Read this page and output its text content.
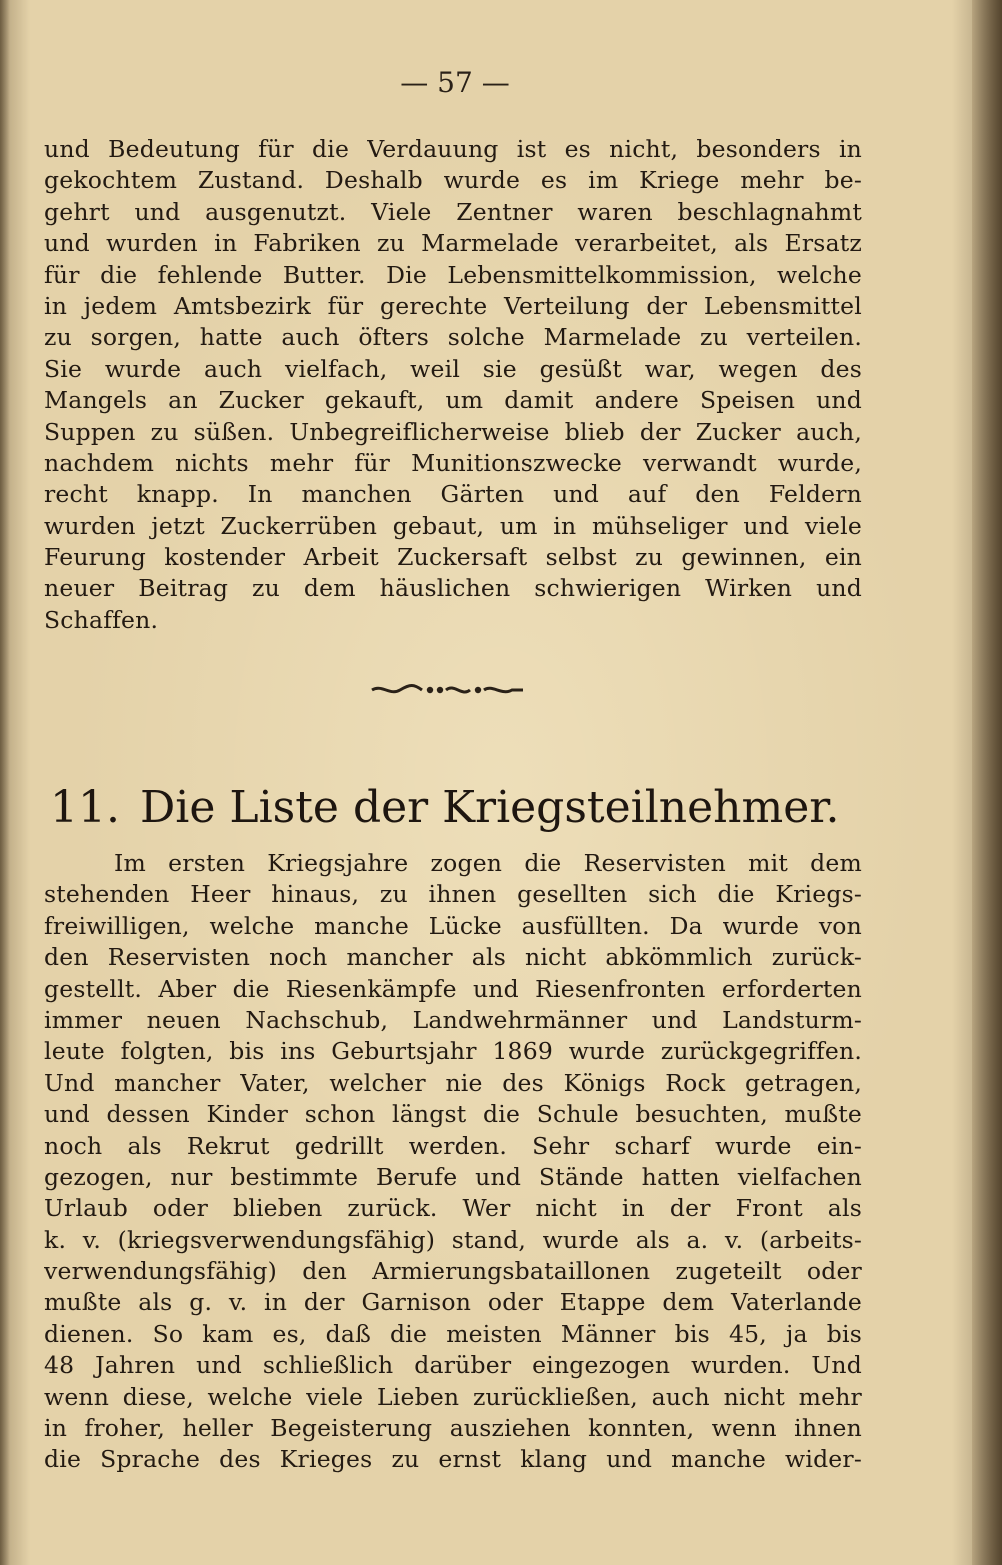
— 57 —
und Bedeutung für die Verdauung ist es nicht, besonders in
gekochtem Zustand. Deshalb wurde es im Kriege mehr be-
gehrt und ausgenutzt. Viele Zentner waren beschlagnahmt
und wurden in Fabriken zu Marmelade verarbeitet, als Ersatz
für die fehlende Butter. Die Lebensmittelkommission, welche
in jedem Amtsbezirk für gerechte Verteilung der Lebensmittel
zu sorgen, hatte auch öfters solche Marmelade zu verteilen.
Sie wurde auch vielfach, weil sie gesüßt war, wegen des
Mangels an Zucker gekauft, um damit andere Speisen und
Suppen zu süßen. Unbegreiflicherweise blieb der Zucker auch,
nachdem nichts mehr für Munitionszwecke verwandt wurde,
recht knapp. In manchen Gärten und auf den Feldern
wurden jetzt Zuckerrüben gebaut, um in mühseliger und viele
Feurung kostender Arbeit Zuckersaft selbst zu gewinnen, ein
neuer Beitrag zu dem häuslichen schwierigen Wirken und
Schaffen.
11. Die Liste der Kriegsteilnehmer.
Im ersten Kriegsjahre zogen die Reservisten mit dem
stehenden Heer hinaus, zu ihnen gesellten sich die Kriegs-
freiwilligen, welche manche Lücke ausfüllten. Da wurde von
den Reservisten noch mancher als nicht abkömmlich zurück-
gestellt. Aber die Riesenkämpfe und Riesenfronten erforderten
immer neuen Nachschub, Landwehrmänner und Landsturm-
leute folgten, bis ins Geburtsjahr 1869 wurde zurückgegriffen.
Und mancher Vater, welcher nie des Königs Rock getragen,
und dessen Kinder schon längst die Schule besuchten, mußte
noch als Rekrut gedrillt werden. Sehr scharf wurde ein-
gezogen, nur bestimmte Berufe und Stände hatten vielfachen
Urlaub oder blieben zurück. Wer nicht in der Front als
k. v. (kriegsverwendungsfähig) stand, wurde als a. v. (arbeits-
verwendungsfähig) den Armierungsbataillonen zugeteilt oder
mußte als g. v. in der Garnison oder Etappe dem Vaterlande
dienen. So kam es, daß die meisten Männer bis 45, ja bis
48 Jahren und schließlich darüber eingezogen wurden. Und
wenn diese, welche viele Lieben zurückließen, auch nicht mehr
in froher, heller Begeisterung ausziehen konnten, wenn ihnen
die Sprache des Krieges zu ernst klang und manche wider-
